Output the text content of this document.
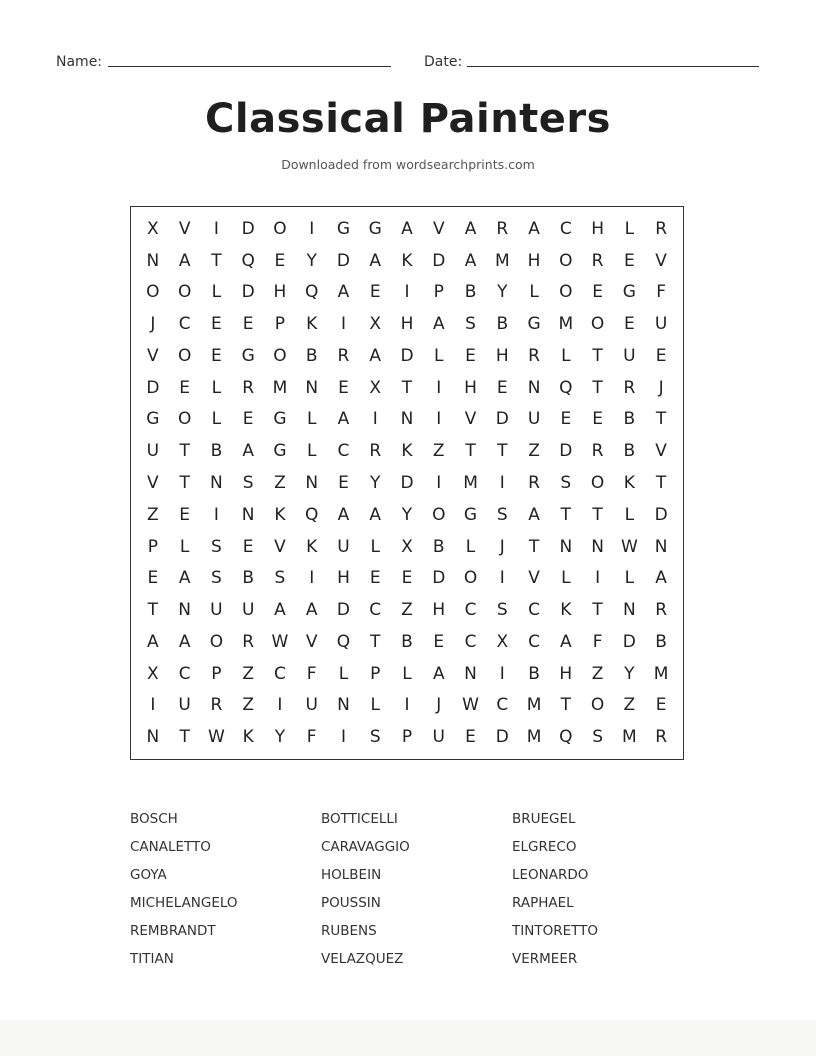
Name:	Date:
Classical Painters
Downloaded from wordsearchprints.com
X	V	I	D	O	I	G	G	A	V	A	R	A	C	H	L	R
N	A	T	Q	E	Y	D	A	K	D	A	M	H	O	R	E	V
O	O	L	D	H	Q	A	E	I	P	B	Y	L	O	E	G	F
J	C	E	E	P	K	I	X	H	A	S	B	G	M	O	E	U
V	O	E	G	O	B	R	A	D	L	E	H	R	L	T	U	E
D	E	L	R	M	N	E	X	T	I	H	E	N	Q	T	R	J
G	O	L	E	G	L	A	I	N	I	V	D	U	E	E	B	T
U	T	B	A	G	L	C	R	K	Z	T	T	Z	D	R	B	V
V	T	N	S	Z	N	E	Y	D	I	M	I	R	S	O	K	T
Z	E	I	N	K	Q	A	A	Y	O	G	S	A	T	T	L	D
P	L	S	E	V	K	U	L	X	B	L	J	T	N	N	W	N
E	A	S	B	S	I	H	E	E	D	O	I	V	L	I	L	A
T	N	U	U	A	A	D	C	Z	H	C	S	C	K	T	N	R
A	A	O	R	W	V	Q	T	B	E	C	X	C	A	F	D	B
X	C	P	Z	C	F	L	P	L	A	N	I	B	H	Z	Y	M
I	U	R	Z	I	U	N	L	I	J	W	C	M	T	O	Z	E
N	T	W	K	Y	F	I	S	P	U	E	D	M	Q	S	M	R
BOSCH	BOTTICELLI	BRUEGEL
CANALETTO	CARAVAGGIO	ELGRECO
GOYA	HOLBEIN	LEONARDO
MICHELANGELO	POUSSIN	RAPHAEL
REMBRANDT	RUBENS	TINTORETTO
TITIAN	VELAZQUEZ	VERMEER
